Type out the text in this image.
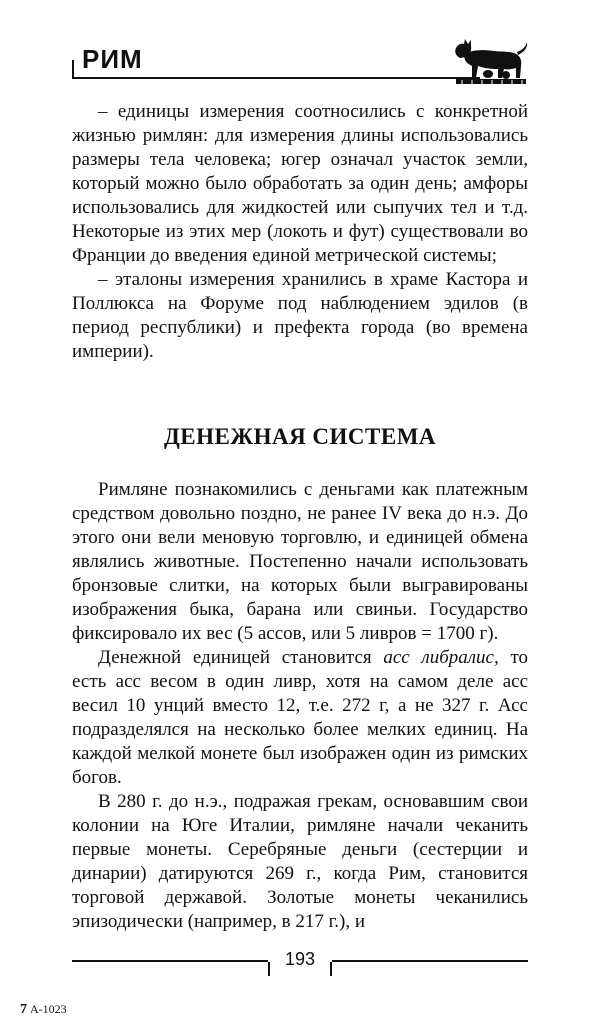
РИМ

– единицы измерения соотносились с конкретной жизнью римлян: для измерения длины использовались размеры тела человека; югер означал участок земли, который можно было обработать за один день; амфоры использовались для жидкостей или сыпучих тел и т.д. Некоторые из этих мер (локоть и фут) существовали во Франции до введения единой метрической системы;

– эталоны измерения хранились в храме Кастора и Поллюкса на Форуме под наблюдением эдилов (в период республики) и префекта города (во времена империи).

ДЕНЕЖНАЯ СИСТЕМА

Римляне познакомились с деньгами как платежным средством довольно поздно, не ранее IV века до н.э. До этого они вели меновую торговлю, и единицей обмена являлись животные. Постепенно начали использовать бронзовые слитки, на которых были выгравированы изображения быка, барана или свиньи. Государство фиксировало их вес (5 ассов, или 5 ливров = 1700 г).

Денежной единицей становится асс либралис, то есть асс весом в один ливр, хотя на самом деле асс весил 10 унций вместо 12, т.е. 272 г, а не 327 г. Асс подразделялся на несколько более мелких единиц. На каждой мелкой монете был изображен один из римских богов.

В 280 г. до н.э., подражая грекам, основавшим свои колонии на Юге Италии, римляне начали чеканить первые монеты. Серебряные деньги (сестерции и динарии) датируются 269 г., когда Рим, становится торговой державой. Золотые монеты чеканились эпизодически (например, в 217 г.), и

193
7 А-1023
